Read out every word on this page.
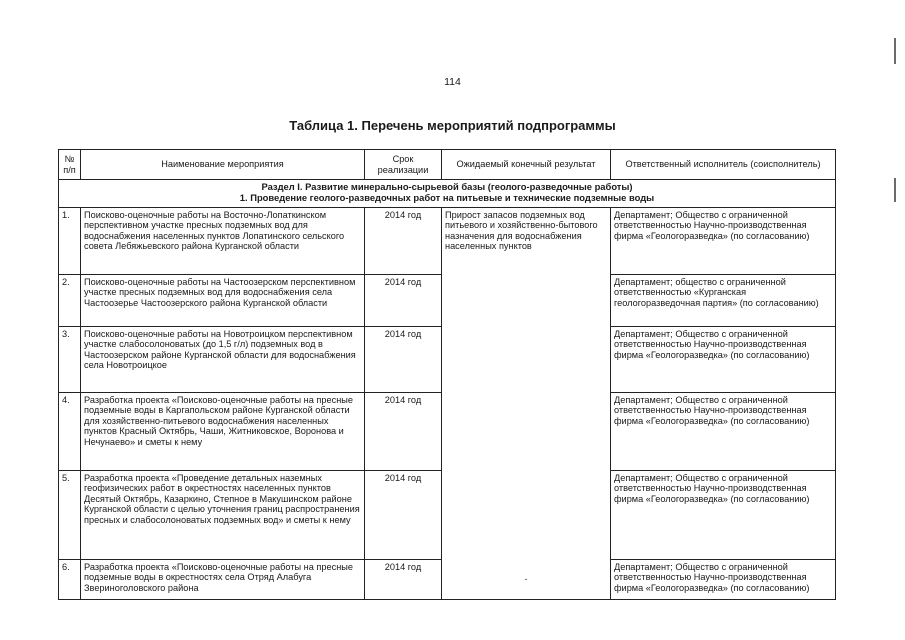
114
Таблица 1. Перечень мероприятий подпрограммы
№ п/п	Наименование мероприятия	Срок реализации	Ожидаемый конечный результат	Ответственный исполнитель (соисполнитель)

Раздел I. Развитие минерально-сырьевой базы (геолого-разведочные работы)
1. Проведение геолого-разведочных работ на питьевые и технические подземные воды				

1.	Поисково-оценочные работы на Восточно-Лопаткинском перспективном участке пресных подземных вод для водоснабжения населенных пунктов Лопатинского сельского совета Лебяжьевского района Курганской области	2014 год	Прирост запасов подземных вод питьевого и хозяйственно-бытового назначения для водоснабжения населенных пунктов	Департамент; Общество с ограниченной ответственностью Научно-производственная фирма «Геологоразведка» (по согласованию)
2.	Поисково-оценочные работы на Частоозерском перспективном участке пресных подземных вод для водоснабжения села Частоозерье Частоозерского района Курганской области	2014 год		Департамент; общество с ограниченной ответственностью «Курганская геологоразведочная партия» (по согласованию)
3.	Поисково-оценочные работы на Новотроицком перспективном участке слабосолоноватых (до 1,5 г/л) подземных вод в Частоозерском районе Курганской области для водоснабжения села Новотроицкое	2014 год		Департамент; Общество с ограниченной ответственностью Научно-производственная фирма «Геологоразведка» (по согласованию)
4.	Разработка проекта «Поисково-оценочные работы на пресные подземные воды в Каргапольском районе Курганской области для хозяйственно-питьевого водоснабжения населенных пунктов Красный Октябрь, Чаши, Житниковское, Воронова и Нечунаево» и сметы к нему	2014 год		Департамент; Общество с ограниченной ответственностью Научно-производственная фирма «Геологоразведка» (по согласованию)
5.	Разработка проекта «Проведение детальных наземных геофизических работ в окрестностях населенных пунктов Десятый Октябрь, Казаркино, Степное в Макушинском районе Курганской области с целью уточнения границ распространения пресных и слабосолоноватых подземных вод» и сметы к нему	2014 год		Департамент; Общество с ограниченной ответственностью Научно-производственная фирма «Геологоразведка» (по согласованию)
6.	Разработка проекта «Поисково-оценочные работы на пресные подземные воды в окрестностях села Отряд Алабуга Звериноголовского района	2014 год	-	Департамент; Общество с ограниченной ответственностью Научно-производственная фирма «Геологоразведка» (по согласованию)
